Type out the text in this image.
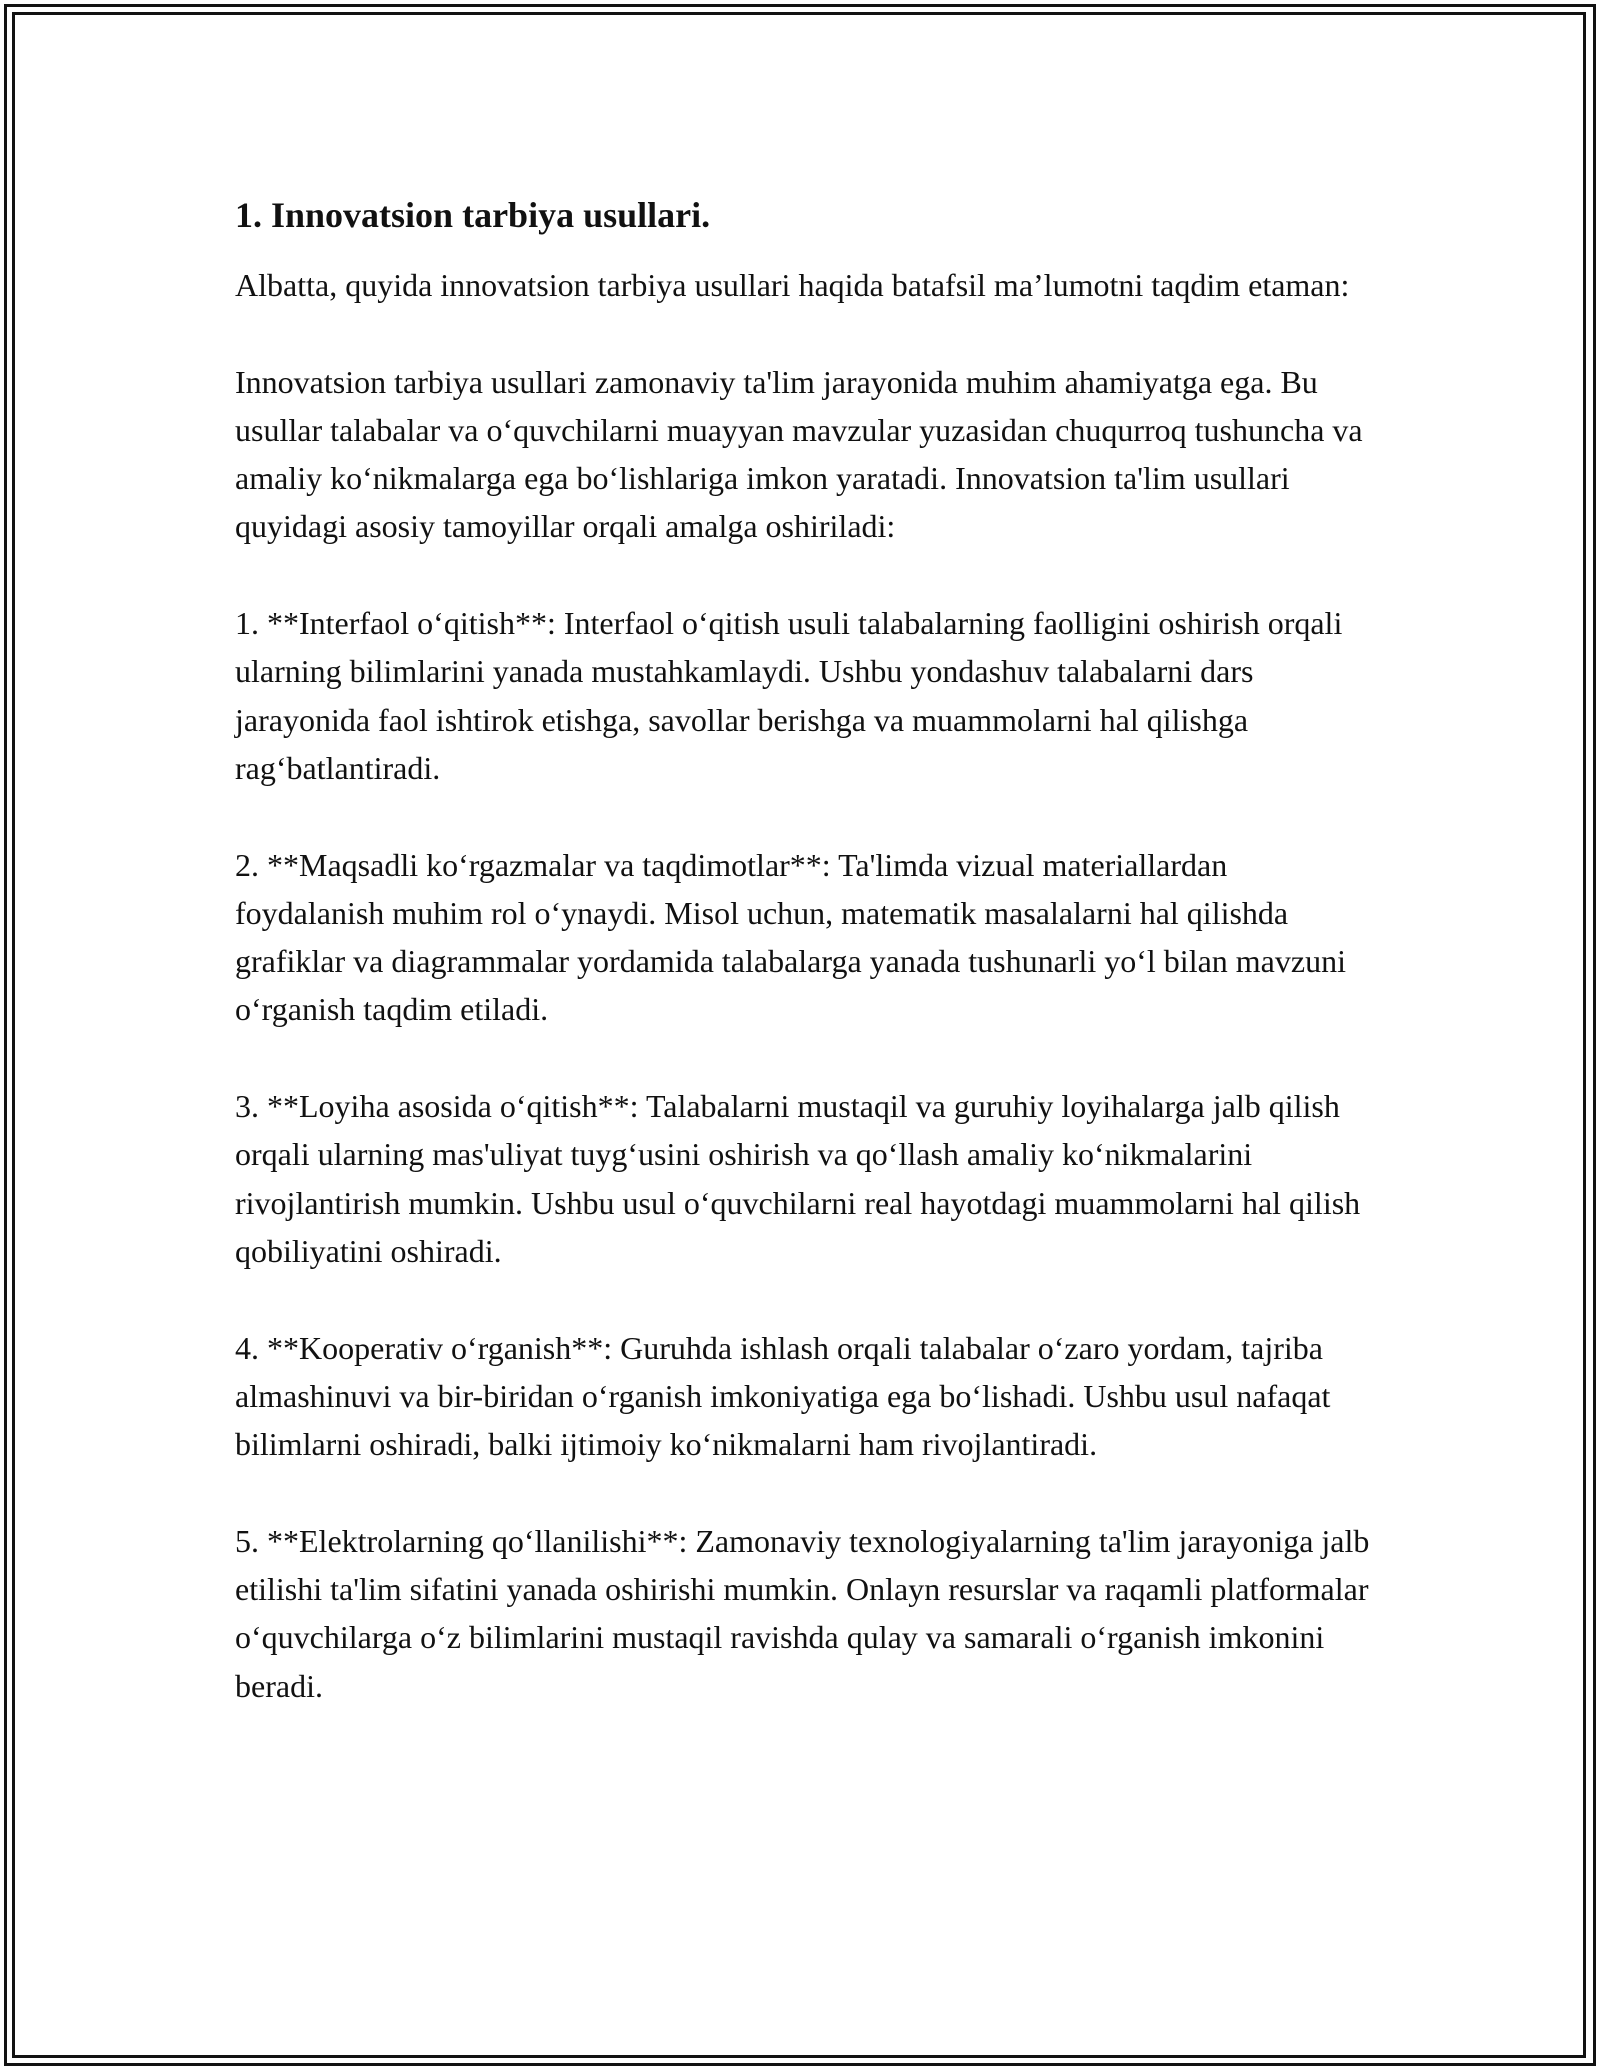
1. Innovatsion tarbiya usullari.

Albatta, quyida innovatsion tarbiya usullari haqida batafsil ma’lumotni taqdim etaman:

Innovatsion tarbiya usullari zamonaviy ta'lim jarayonida muhim ahamiyatga ega. Bu usullar talabalar va o‘quvchilarni muayyan mavzular yuzasidan chuqurroq tushuncha va amaliy ko‘nikmalarga ega bo‘lishlariga imkon yaratadi. Innovatsion ta'lim usullari quyidagi asosiy tamoyillar orqali amalga oshiriladi:

1. **Interfaol o‘qitish**: Interfaol o‘qitish usuli talabalarning faolligini oshirish orqali ularning bilimlarini yanada mustahkamlaydi. Ushbu yondashuv talabalarni dars jarayonida faol ishtirok etishga, savollar berishga va muammolarni hal qilishga rag‘batlantiradi.

2. **Maqsadli ko‘rgazmalar va taqdimotlar**: Ta'limda vizual materiallardan foydalanish muhim rol o‘ynaydi. Misol uchun, matematik masalalarni hal qilishda grafiklar va diagrammalar yordamida talabalarga yanada tushunarli yo‘l bilan mavzuni o‘rganish taqdim etiladi.

3. **Loyiha asosida o‘qitish**: Talabalarni mustaqil va guruhiy loyihalarga jalb qilish orqali ularning mas'uliyat tuyg‘usini oshirish va qo‘llash amaliy ko‘nikmalarini rivojlantirish mumkin. Ushbu usul o‘quvchilarni real hayotdagi muammolarni hal qilish qobiliyatini oshiradi.

4. **Kooperativ o‘rganish**: Guruhda ishlash orqali talabalar o‘zaro yordam, tajriba almashinuvi va bir-biridan o‘rganish imkoniyatiga ega bo‘lishadi. Ushbu usul nafaqat bilimlarni oshiradi, balki ijtimoiy ko‘nikmalarni ham rivojlantiradi.

5. **Elektrolarning qo‘llanilishi**: Zamonaviy texnologiyalarning ta'lim jarayoniga jalb etilishi ta'lim sifatini yanada oshirishi mumkin. Onlayn resurslar va raqamli platformalar o‘quvchilarga o‘z bilimlarini mustaqil ravishda qulay va samarali o‘rganish imkonini beradi.
